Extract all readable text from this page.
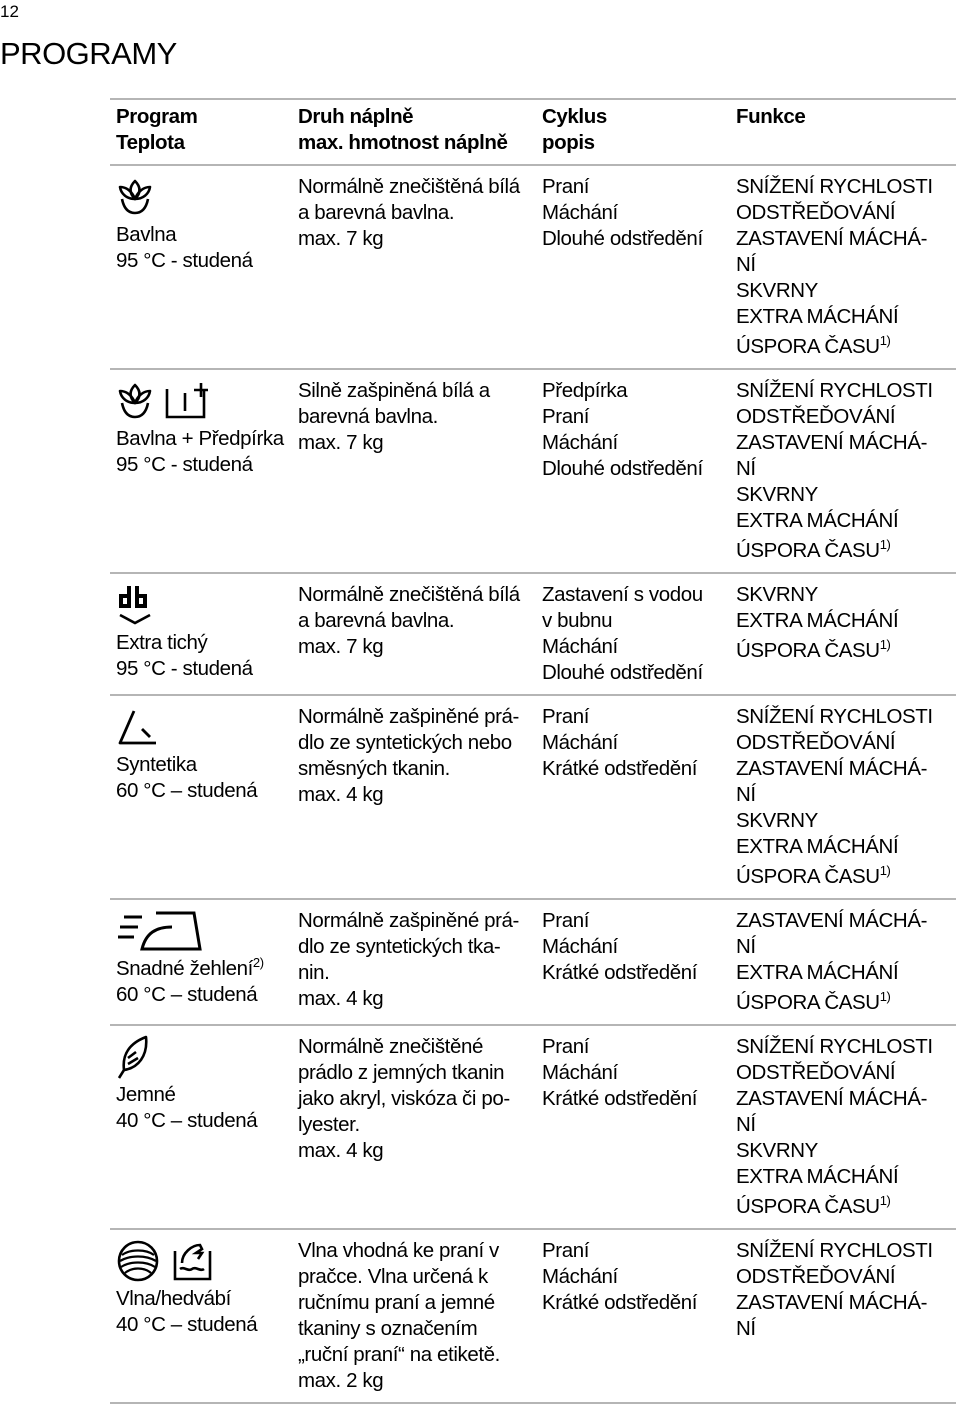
12
PROGRAMY
Program
Teplota
Druh náplně
max. hmotnost náplně
Cyklus
popis
Funkce
Bavlna
95 °C - studená
Normálně znečištěná bílá
a barevná bavlna.
max. 7 kg
Praní
Máchání
Dlouhé odstředění
SNÍŽENÍ RYCHLOSTI
ODSTŘEĎOVÁNÍ
ZASTAVENÍ MÁCHÁ-
NÍ
SKVRNY
EXTRA MÁCHÁNÍ
ÚSPORA ČASU$^{1)}$
Bavlna + Předpírka
95 °C - studená
Silně zašpiněná bílá a
barevná bavlna.
max. 7 kg
Předpírka
Praní
Máchání
Dlouhé odstředění
SNÍŽENÍ RYCHLOSTI
ODSTŘEĎOVÁNÍ
ZASTAVENÍ MÁCHÁ-
NÍ
SKVRNY
EXTRA MÁCHÁNÍ
ÚSPORA ČASU$^{1)}$
Extra tichý
95 °C - studená
Normálně znečištěná bílá
a barevná bavlna.
max. 7 kg
Zastavení s vodou
v bubnu
Máchání
Dlouhé odstředění
SKVRNY
EXTRA MÁCHÁNÍ
ÚSPORA ČASU$^{1)}$
Syntetika
60 °C – studená
Normálně zašpiněné prá-
dlo ze syntetických nebo
směsných tkanin.
max. 4 kg
Praní
Máchání
Krátké odstředění
SNÍŽENÍ RYCHLOSTI
ODSTŘEĎOVÁNÍ
ZASTAVENÍ MÁCHÁ-
NÍ
SKVRNY
EXTRA MÁCHÁNÍ
ÚSPORA ČASU$^{1)}$
Snadné žehlení$^{2)}$
60 °C – studená
Normálně zašpiněné prá-
dlo ze syntetických tka-
nin.
max. 4 kg
Praní
Máchání
Krátké odstředění
ZASTAVENÍ MÁCHÁ-
NÍ
EXTRA MÁCHÁNÍ
ÚSPORA ČASU$^{1)}$
Jemné
40 °C – studená
Normálně znečištěné
prádlo z jemných tkanin
jako akryl, viskóza či po-
lyester.
max. 4 kg
Praní
Máchání
Krátké odstředění
SNÍŽENÍ RYCHLOSTI
ODSTŘEĎOVÁNÍ
ZASTAVENÍ MÁCHÁ-
NÍ
SKVRNY
EXTRA MÁCHÁNÍ
ÚSPORA ČASU$^{1)}$
Vlna/hedvábí
40 °C – studená
Vlna vhodná ke praní v
pračce. Vlna určená k
ručnímu praní a jemné
tkaniny s označením
„ruční praní“ na etiketě.
max. 2 kg
Praní
Máchání
Krátké odstředění
SNÍŽENÍ RYCHLOSTI
ODSTŘEĎOVÁNÍ
ZASTAVENÍ MÁCHÁ-
NÍ
